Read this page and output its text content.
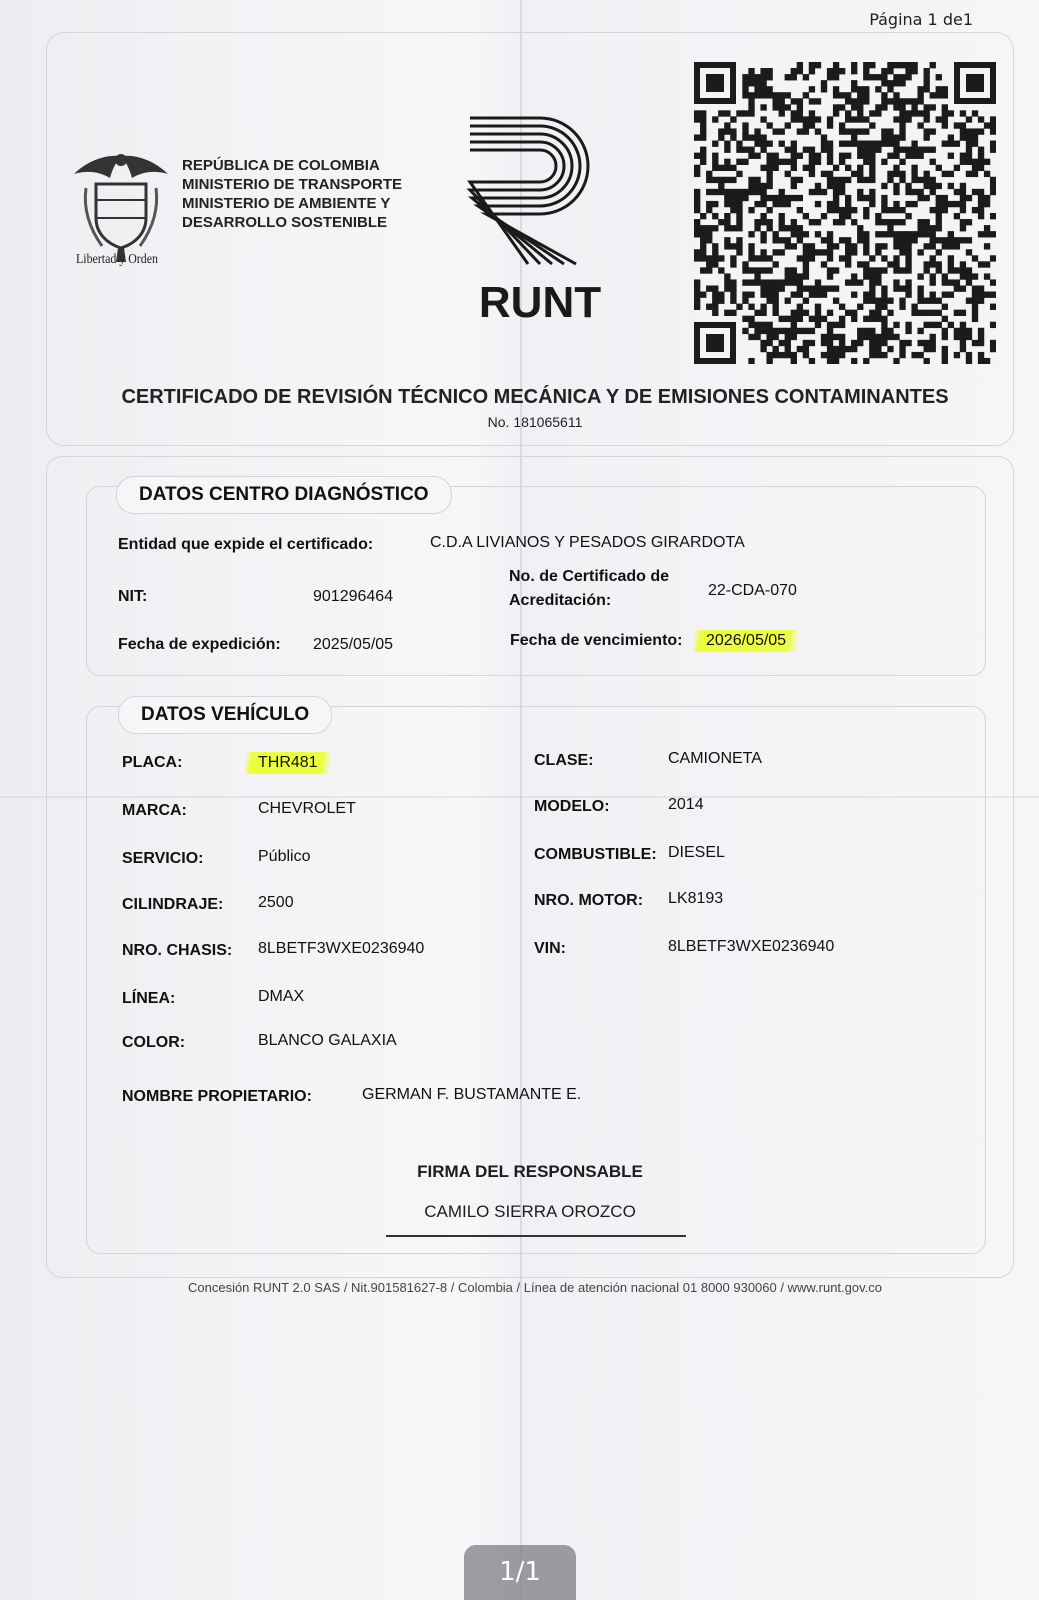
Página 1 de1
Libertad y Orden
REPÚBLICA DE COLOMBIA
MINISTERIO DE TRANSPORTE
MINISTERIO DE AMBIENTE Y
DESARROLLO SOSTENIBLE
RUNT
CERTIFICADO DE REVISIÓN TÉCNICO MECÁNICA Y DE EMISIONES CONTAMINANTES
No. 181065611
DATOS CENTRO DIAGNÓSTICO
Entidad que expide el certificado:	C.D.A LIVIANOS Y PESADOS GIRARDOTA
NIT:	901296464
No. de Certificado de
Acreditación:
22-CDA-070
Fecha de expedición: 2025/05/05	Fecha de vencimiento:	2026/05/05
DATOS VEHÍCULO
PLACA:	THR481	CLASE:	CAMIONETA
MARCA:	CHEVROLET	MODELO:	2014
SERVICIO:	Público	COMBUSTIBLE: DIESEL
CILINDRAJE: 2500	NRO. MOTOR: LK8193
NRO. CHASIS: 8LBETF3WXE0236940	VIN:	8LBETF3WXE0236940
LÍNEA:	DMAX
COLOR:	BLANCO GALAXIA
NOMBRE PROPIETARIO:	GERMAN F. BUSTAMANTE E.
FIRMA DEL RESPONSABLE
CAMILO SIERRA OROZCO
Concesión RUNT 2.0 SAS / Nit.901581627-8 / Colombia / Línea de atención nacional 01 8000 930060 / www.runt.gov.co
1/1
